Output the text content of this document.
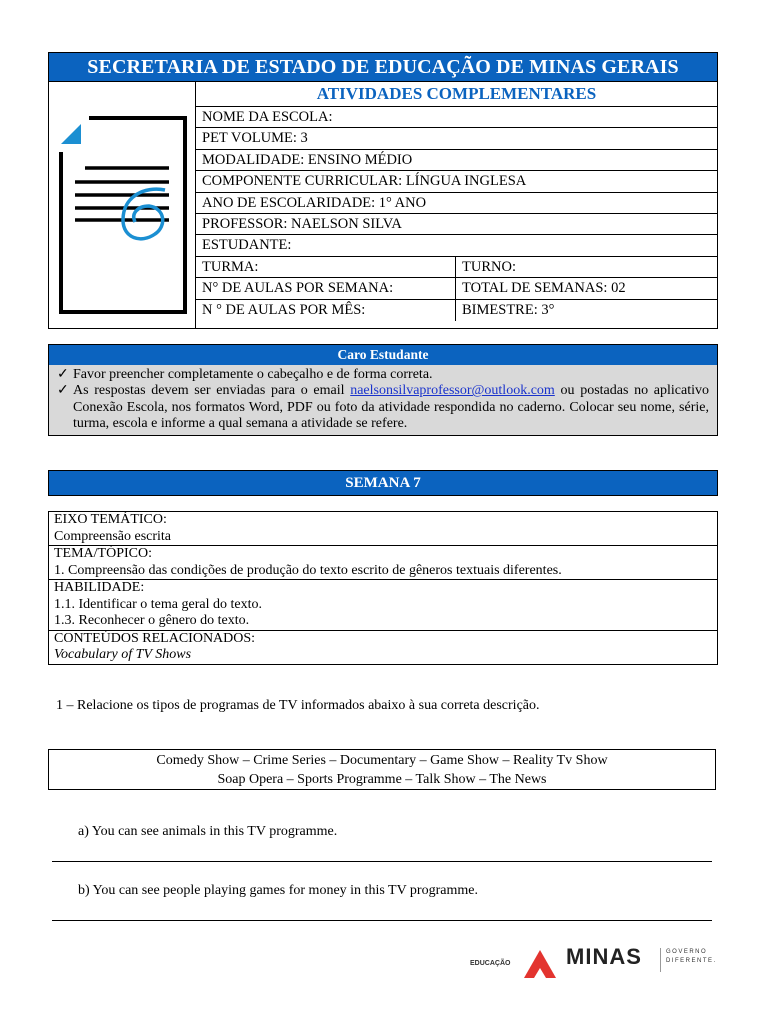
SECRETARIA DE ESTADO DE EDUCAÇÃO DE MINAS GERAIS
ATIVIDADES COMPLEMENTARES
NOME DA ESCOLA:
PET VOLUME: 3
MODALIDADE: ENSINO MÉDIO
COMPONENTE CURRICULAR: LÍNGUA INGLESA
ANO DE ESCOLARIDADE: 1° ANO
PROFESSOR: NAELSON SILVA
ESTUDANTE:
TURMA:	TURNO:
N° DE AULAS POR SEMANA:	TOTAL DE SEMANAS: 02
N ° DE AULAS POR MÊS:	BIMESTRE: 3°
Caro Estudante
✓ Favor preencher completamente o cabeçalho e de forma correta.
✓ As respostas devem ser enviadas para o email naelsonsilvaprofessor@outlook.com ou postadas no aplicativo Conexão Escola, nos formatos Word, PDF ou foto da atividade respondida no caderno. Colocar seu nome, série, turma, escola e informe a qual semana a atividade se refere.
SEMANA 7
EIXO TEMÁTICO:
Compreensão escrita
TEMA/TÓPICO:
1. Compreensão das condições de produção do texto escrito de gêneros textuais diferentes.
HABILIDADE:
1.1. Identificar o tema geral do texto.
1.3. Reconhecer o gênero do texto.
CONTEÚDOS RELACIONADOS:
Vocabulary of TV Shows
1 – Relacione os tipos de programas de TV informados abaixo à sua correta descrição.
Comedy Show – Crime Series – Documentary – Game Show – Reality Tv Show
Soap Opera – Sports Programme – Talk Show – The News
a) You can see animals in this TV programme.
b) You can see people playing games for money in this TV programme.
EDUCAÇÃO	MINAS	GOVERNO
DIFERENTE.
